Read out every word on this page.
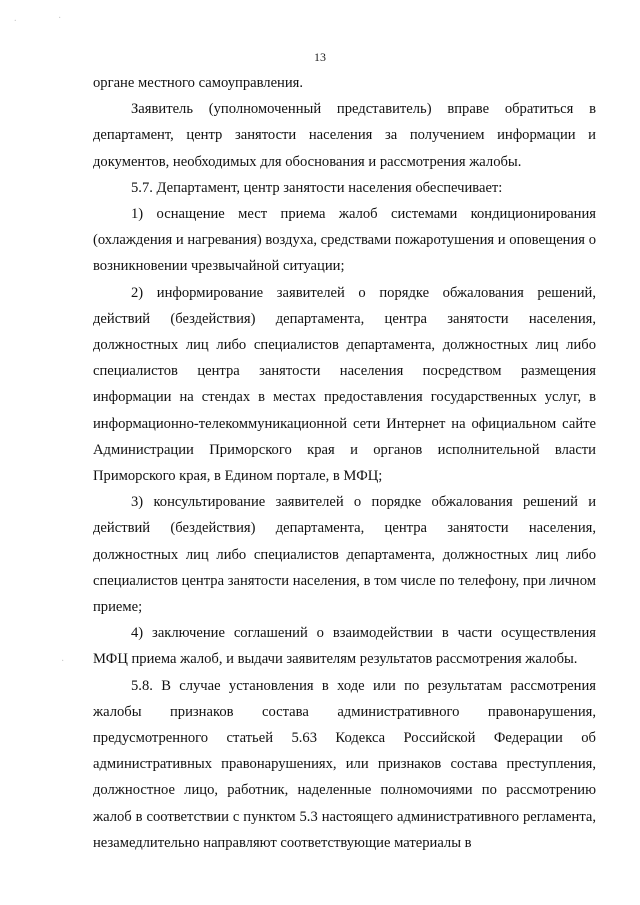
.	·
·
13

органе местного самоуправления.

Заявитель (уполномоченный представитель) вправе обратиться в департамент, центр занятости населения за получением информации и документов, необходимых для обоснования и рассмотрения жалобы.

5.7. Департамент, центр занятости населения обеспечивает:

1) оснащение мест приема жалоб системами кондиционирования (охлаждения и нагревания) воздуха, средствами пожаротушения и оповещения о возникновении чрезвычайной ситуации;

2) информирование заявителей о порядке обжалования решений, действий (бездействия) департамента, центра занятости населения, должностных лиц либо специалистов департамента, должностных лиц либо специалистов центра занятости населения посредством размещения информации на стендах в местах предоставления государственных услуг, в информационно-телекоммуникационной сети Интернет на официальном сайте Администрации Приморского края и органов исполнительной власти Приморского края, в Едином портале, в МФЦ;

3) консультирование заявителей о порядке обжалования решений и действий (бездействия) департамента, центра занятости населения, должностных лиц либо специалистов департамента, должностных лиц либо специалистов центра занятости населения, в том числе по телефону, при личном приеме;

4) заключение соглашений о взаимодействии в части осуществления МФЦ приема жалоб, и выдачи заявителям результатов рассмотрения жалобы.

5.8. В случае установления в ходе или по результатам рассмотрения жалобы признаков состава административного правонарушения, предусмотренного статьей 5.63 Кодекса Российской Федерации об административных правонарушениях, или признаков состава преступления, должностное лицо, работник, наделенные полномочиями по рассмотрению жалоб в соответствии с пунктом 5.3 настоящего административного регламента, незамедлительно направляют соответствующие материалы в
